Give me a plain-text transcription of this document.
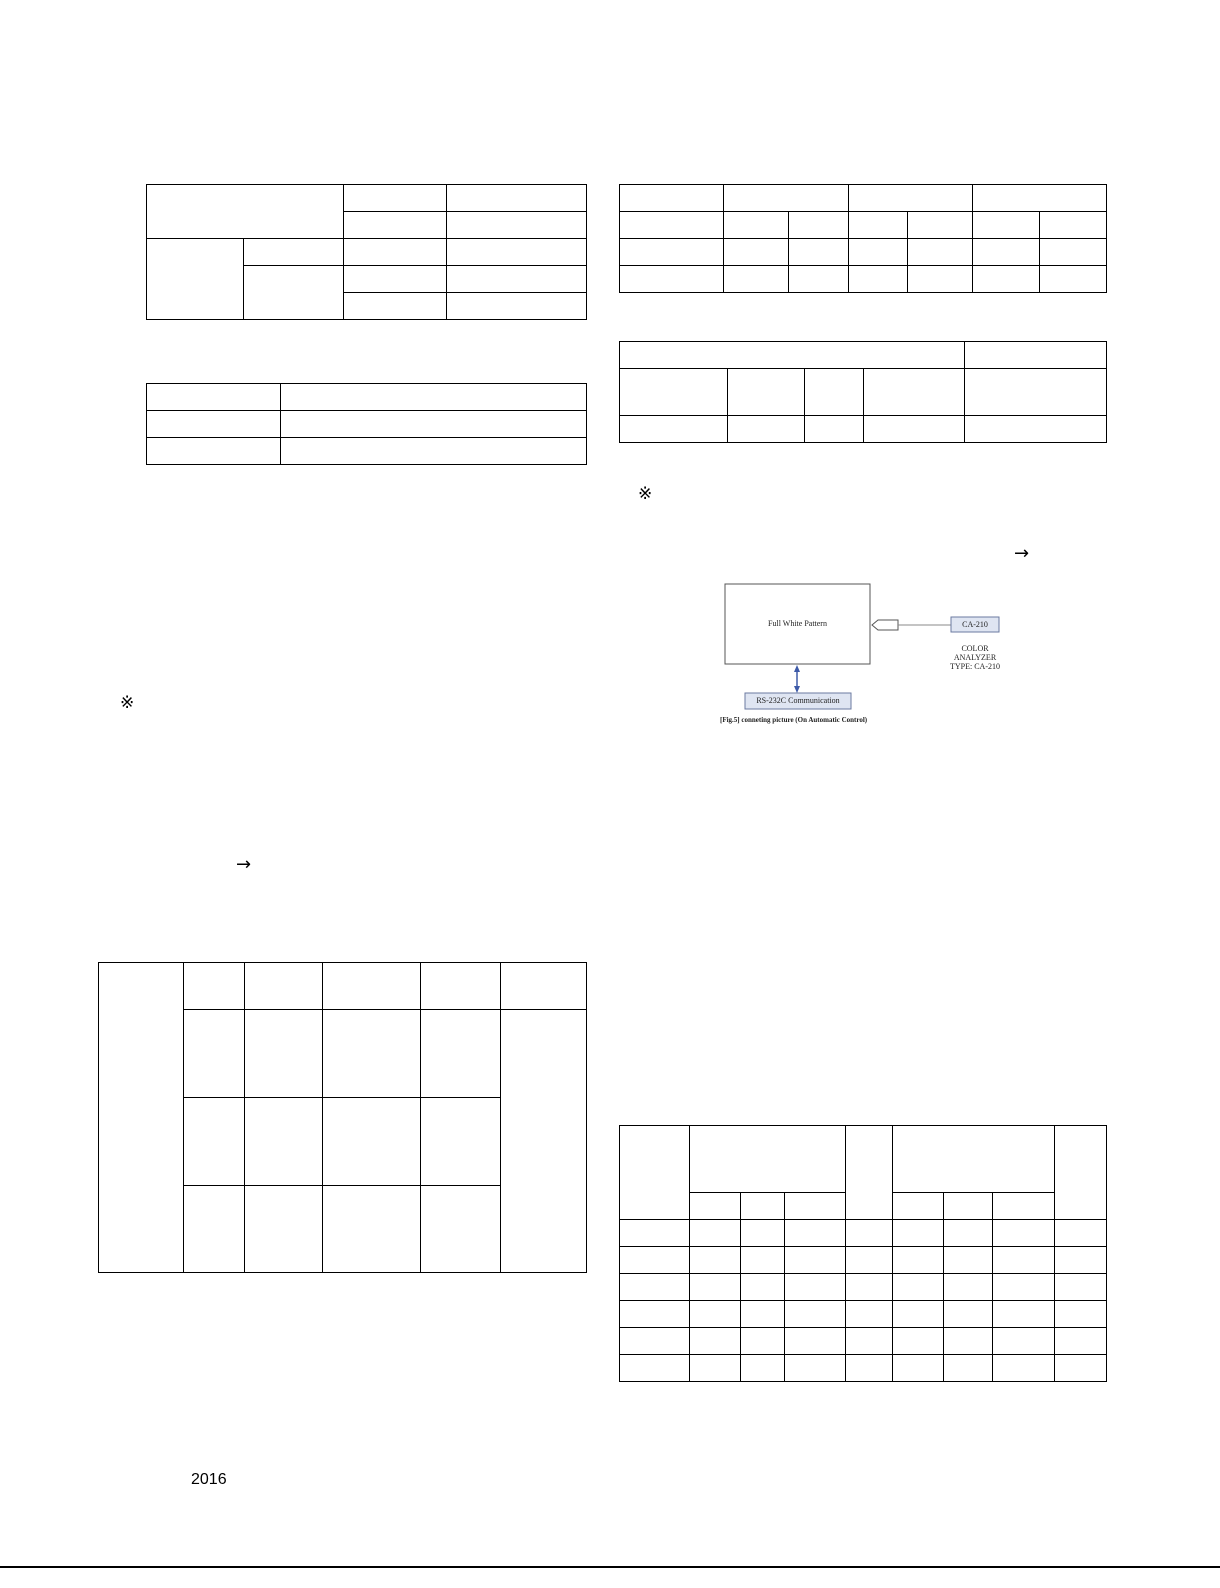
※
→

※
→
Full White Pattern	CA-210
COLOR
ANALYZER
TYPE: CA-210
RS-232C Communication
[Fig.5] conneting picture (On Automatic Control)

2016
